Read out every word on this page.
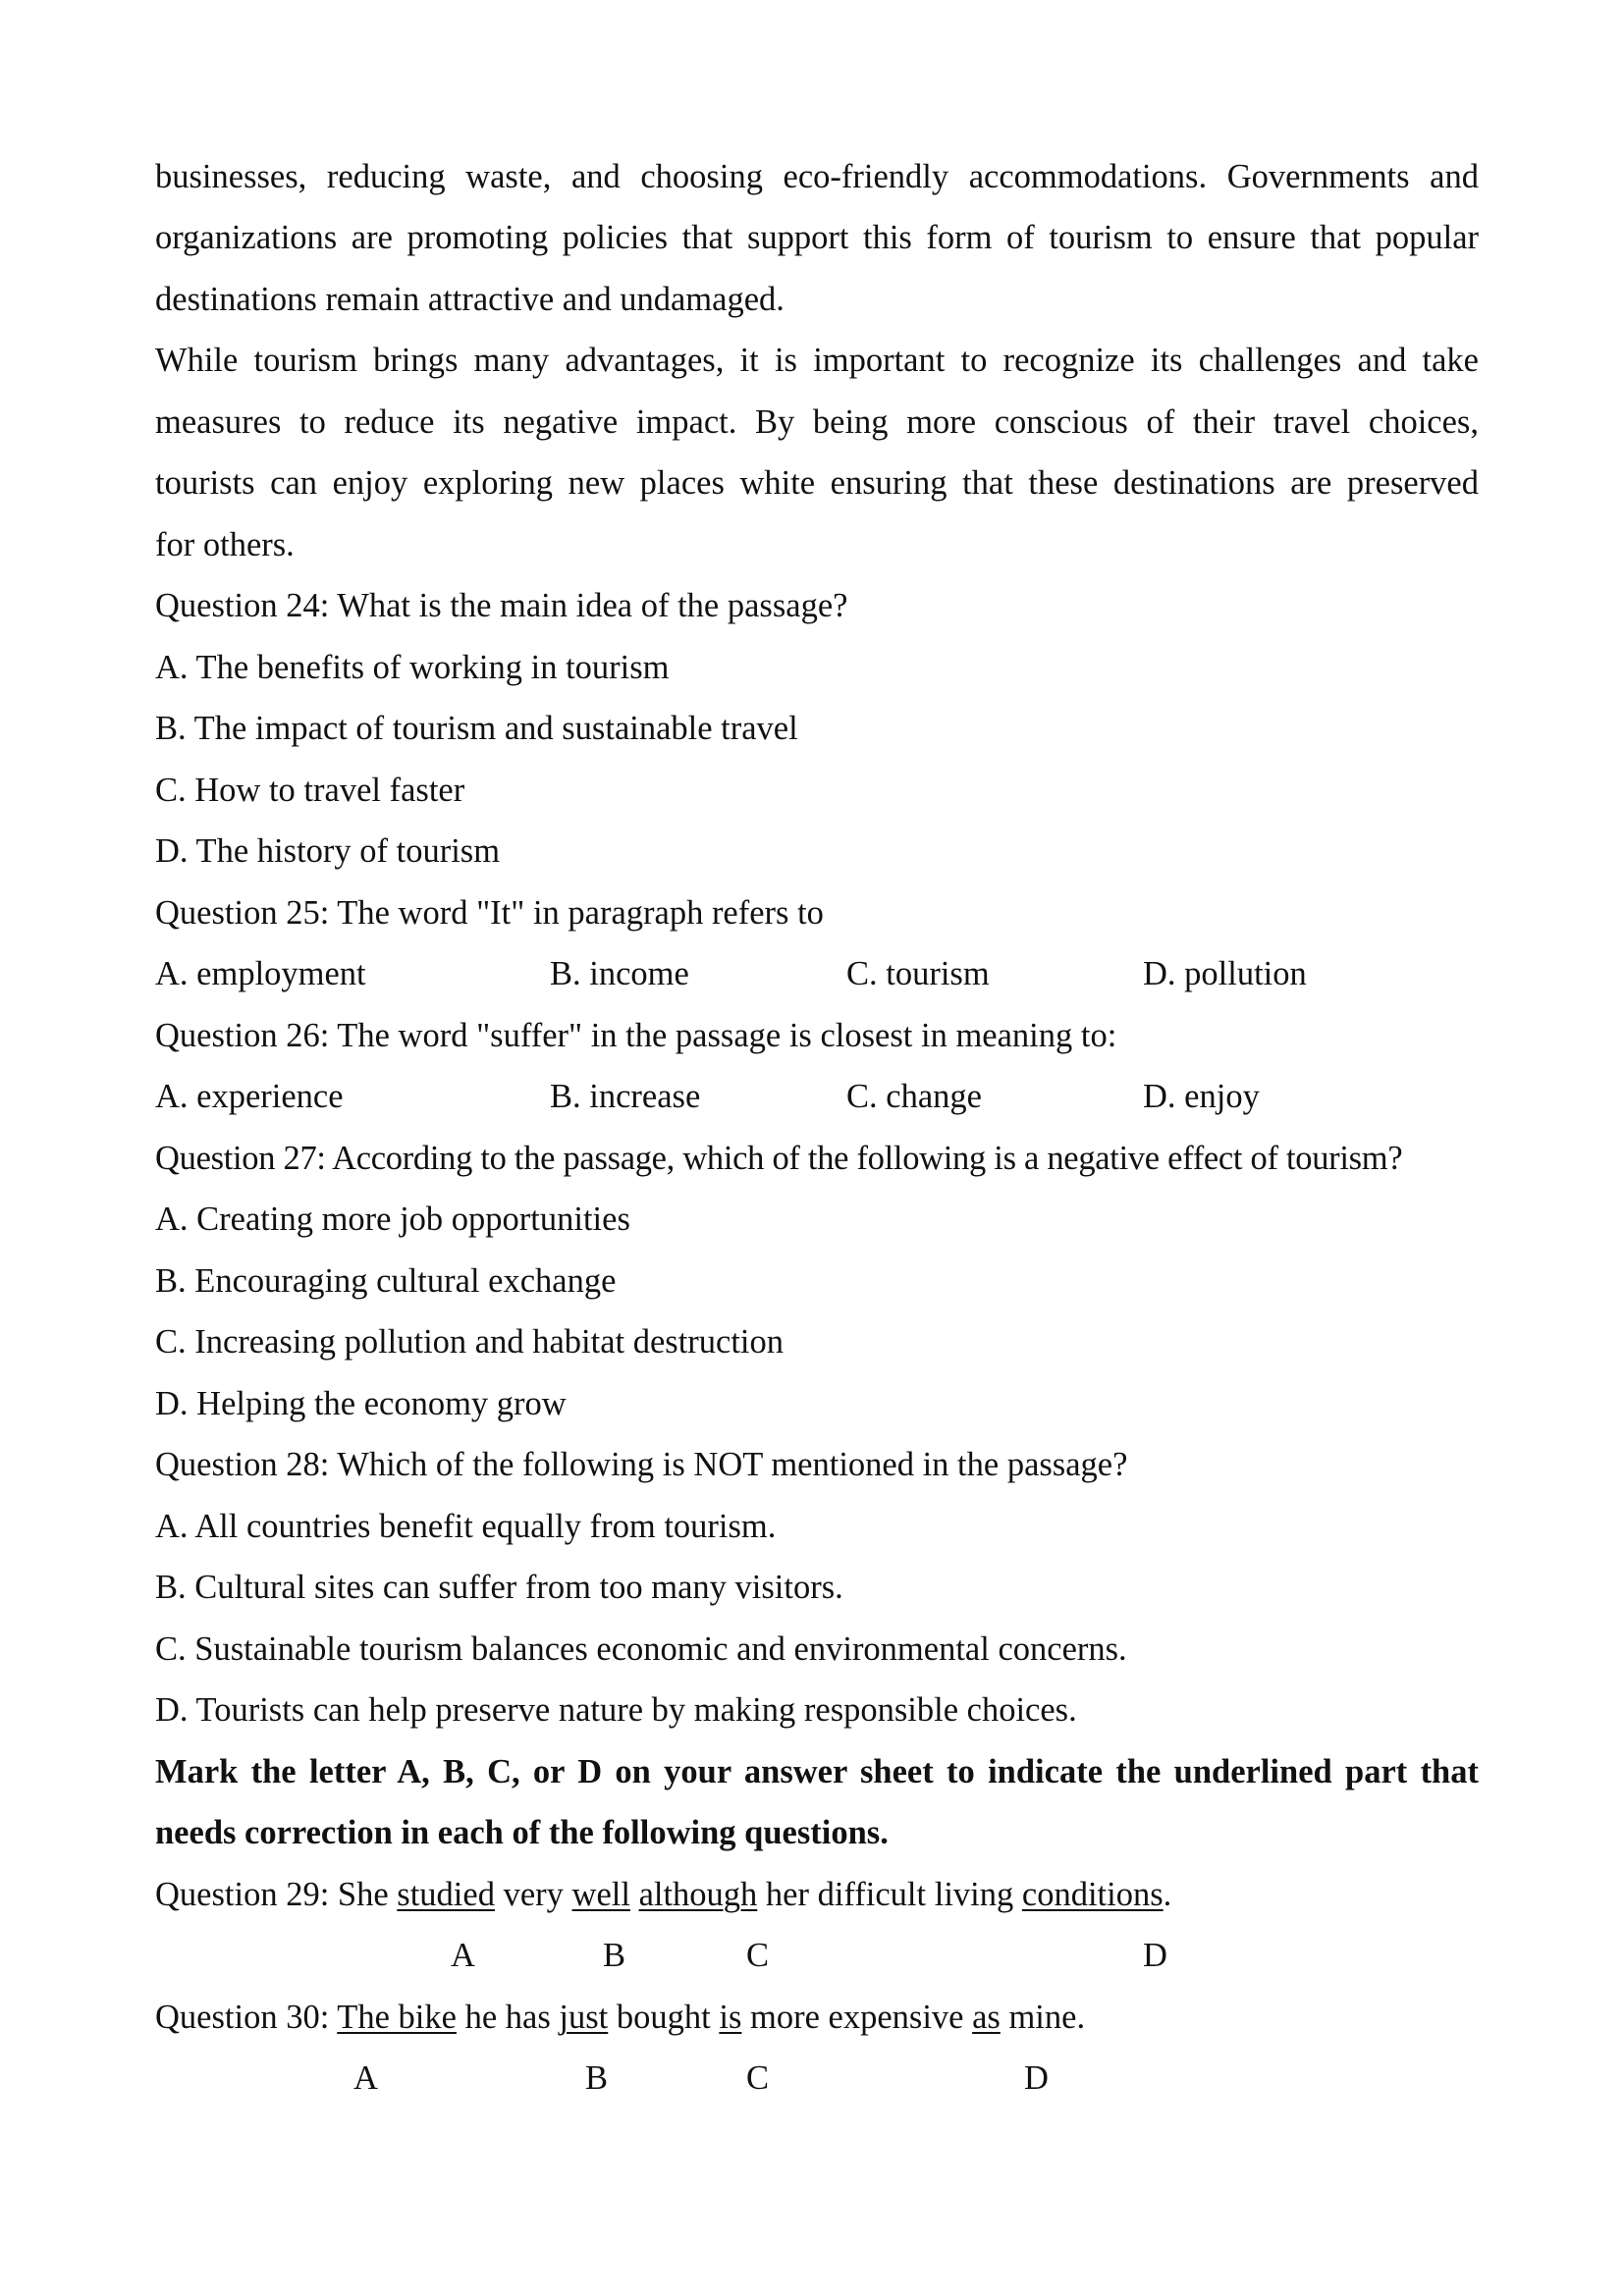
businesses, reducing waste, and choosing eco-friendly accommodations. Governments and
organizations are promoting policies that support this form of tourism to ensure that popular
destinations remain attractive and undamaged.
While tourism brings many advantages, it is important to recognize its challenges and take
measures to reduce its negative impact. By being more conscious of their travel choices,
tourists can enjoy exploring new places white ensuring that these destinations are preserved
for others.
Question 24: What is the main idea of the passage?
A. The benefits of working in tourism
B. The impact of tourism and sustainable travel
C. How to travel faster
D. The history of tourism
Question 25: The word "It" in paragraph refers to
A. employment	B. income	C. tourism	D. pollution
Question 26: The word "suffer" in the passage is closest in meaning to:
A. experience	B. increase	C. change	D. enjoy
Question 27: According to the passage, which of the following is a negative effect of tourism?
A. Creating more job opportunities
B. Encouraging cultural exchange
C. Increasing pollution and habitat destruction
D. Helping the economy grow
Question 28: Which of the following is NOT mentioned in the passage?
A. All countries benefit equally from tourism.
B. Cultural sites can suffer from too many visitors.
C. Sustainable tourism balances economic and environmental concerns.
D. Tourists can help preserve nature by making responsible choices.
Mark the letter A, B, C, or D on your answer sheet to indicate the underlined part that
needs correction in each of the following questions.
Question 29: She studied very well although her difficult living conditions.
A	B	C	D
Question 30: The bike he has just bought is more expensive as mine.
A	B	C	D
